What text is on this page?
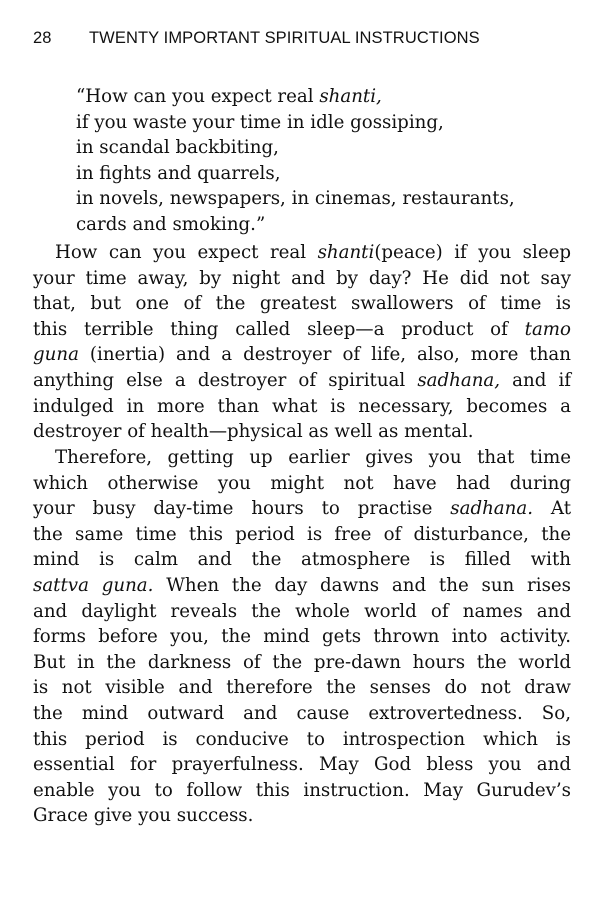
28 TWENTY IMPORTANT SPIRITUAL INSTRUCTIONS
“How can you expect real shanti,
if you waste your time in idle gossiping,
in scandal backbiting,
in fights and quarrels,
in novels, newspapers, in cinemas, restaurants,
cards and smoking.”
How can you expect real shanti(peace) if you sleep
your time away, by night and by day? He did not say
that, but one of the greatest swallowers of time is
this terrible thing called sleep—a product of tamo
guna (inertia) and a destroyer of life, also, more than
anything else a destroyer of spiritual sadhana, and if
indulged in more than what is necessary, becomes a
destroyer of health—physical as well as mental.
Therefore, getting up earlier gives you that time
which otherwise you might not have had during
your busy day-time hours to practise sadhana. At
the same time this period is free of disturbance, the
mind is calm and the atmosphere is filled with
sattva guna. When the day dawns and the sun rises
and daylight reveals the whole world of names and
forms before you, the mind gets thrown into activity.
But in the darkness of the pre-dawn hours the world
is not visible and therefore the senses do not draw
the mind outward and cause extrovertedness. So,
this period is conducive to introspection which is
essential for prayerfulness. May God bless you and
enable you to follow this instruction. May Gurudev’s
Grace give you success.
